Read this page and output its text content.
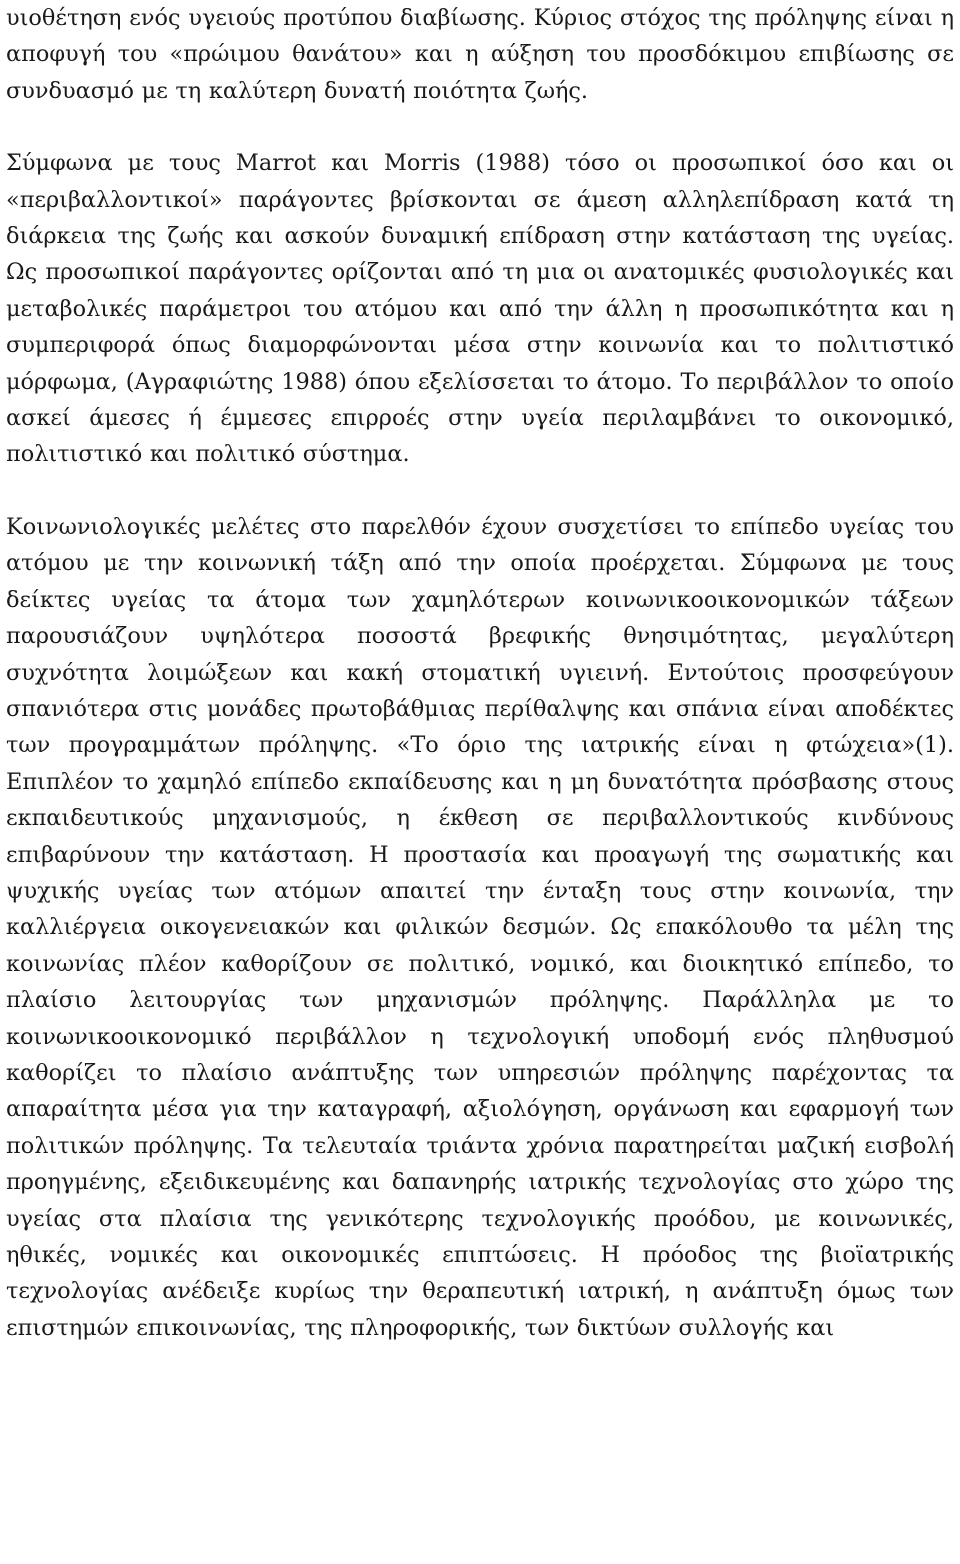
υιοθέτηση ενός υγειούς προτύπου διαβίωσης. Κύριος στόχος της πρόληψης είναι η αποφυγή του «πρώιμου θανάτου» και η αύξηση του προσδόκιμου επιβίωσης σε συνδυασμό με τη καλύτερη δυνατή ποιότητα ζωής.

Σύμφωνα με τους Marrot και Morris (1988) τόσο οι προσωπικοί όσο και οι «περιβαλλοντικοί» παράγοντες βρίσκονται σε άμεση αλληλεπίδραση κατά τη διάρκεια της ζωής και ασκούν δυναμική επίδραση στην κατάσταση της υγείας. Ως προσωπικοί παράγοντες ορίζονται από τη μια οι ανατομικές φυσιολογικές και μεταβολικές παράμετροι του ατόμου και από την άλλη η προσωπικότητα και η συμπεριφορά όπως διαμορφώνονται μέσα στην κοινωνία και το πολιτιστικό μόρφωμα, (Αγραφιώτης 1988) όπου εξελίσσεται το άτομο. Το περιβάλλον το οποίο ασκεί άμεσες ή έμμεσες επιρροές στην υγεία περιλαμβάνει το οικονομικό, πολιτιστικό και πολιτικό σύστημα.

Κοινωνιολογικές μελέτες στο παρελθόν έχουν συσχετίσει το επίπεδο υγείας του ατόμου με την κοινωνική τάξη από την οποία προέρχεται. Σύμφωνα με τους δείκτες υγείας τα άτομα των χαμηλότερων κοινωνικοοικονομικών τάξεων παρουσιάζουν υψηλότερα ποσοστά βρεφικής θνησιμότητας, μεγαλύτερη συχνότητα λοιμώξεων και κακή στοματική υγιεινή. Εντούτοις προσφεύγουν σπανιότερα στις μονάδες πρωτοβάθμιας περίθαλψης και σπάνια είναι αποδέκτες των προγραμμάτων πρόληψης. «Το όριο της ιατρικής είναι η φτώχεια»(1). Επιπλέον το χαμηλό επίπεδο εκπαίδευσης και η μη δυνατότητα πρόσβασης στους εκπαιδευτικούς μηχανισμούς, η έκθεση σε περιβαλλοντικούς κινδύνους επιβαρύνουν την κατάσταση. Η προστασία και προαγωγή της σωματικής και ψυχικής υγείας των ατόμων απαιτεί την ένταξη τους στην κοινωνία, την καλλιέργεια οικογενειακών και φιλικών δεσμών. Ως επακόλουθο τα μέλη της κοινωνίας πλέον καθορίζουν σε πολιτικό, νομικό, και διοικητικό επίπεδο, το πλαίσιο λειτουργίας των μηχανισμών πρόληψης. Παράλληλα με το κοινωνικοοικονομικό περιβάλλον η τεχνολογική υποδομή ενός πληθυσμού καθορίζει το πλαίσιο ανάπτυξης των υπηρεσιών πρόληψης παρέχοντας τα απαραίτητα μέσα για την καταγραφή, αξιολόγηση, οργάνωση και εφαρμογή των πολιτικών πρόληψης. Τα τελευταία τριάντα χρόνια παρατηρείται μαζική εισβολή προηγμένης, εξειδικευμένης και δαπανηρής ιατρικής τεχνολογίας στο χώρο της υγείας στα πλαίσια της γενικότερης τεχνολογικής προόδου, με κοινωνικές, ηθικές, νομικές και οικονομικές επιπτώσεις. Η πρόοδος της βιοϊατρικής τεχνολογίας ανέδειξε κυρίως την θεραπευτική ιατρική, η ανάπτυξη όμως των επιστημών επικοινωνίας, της πληροφορικής, των δικτύων συλλογής και
